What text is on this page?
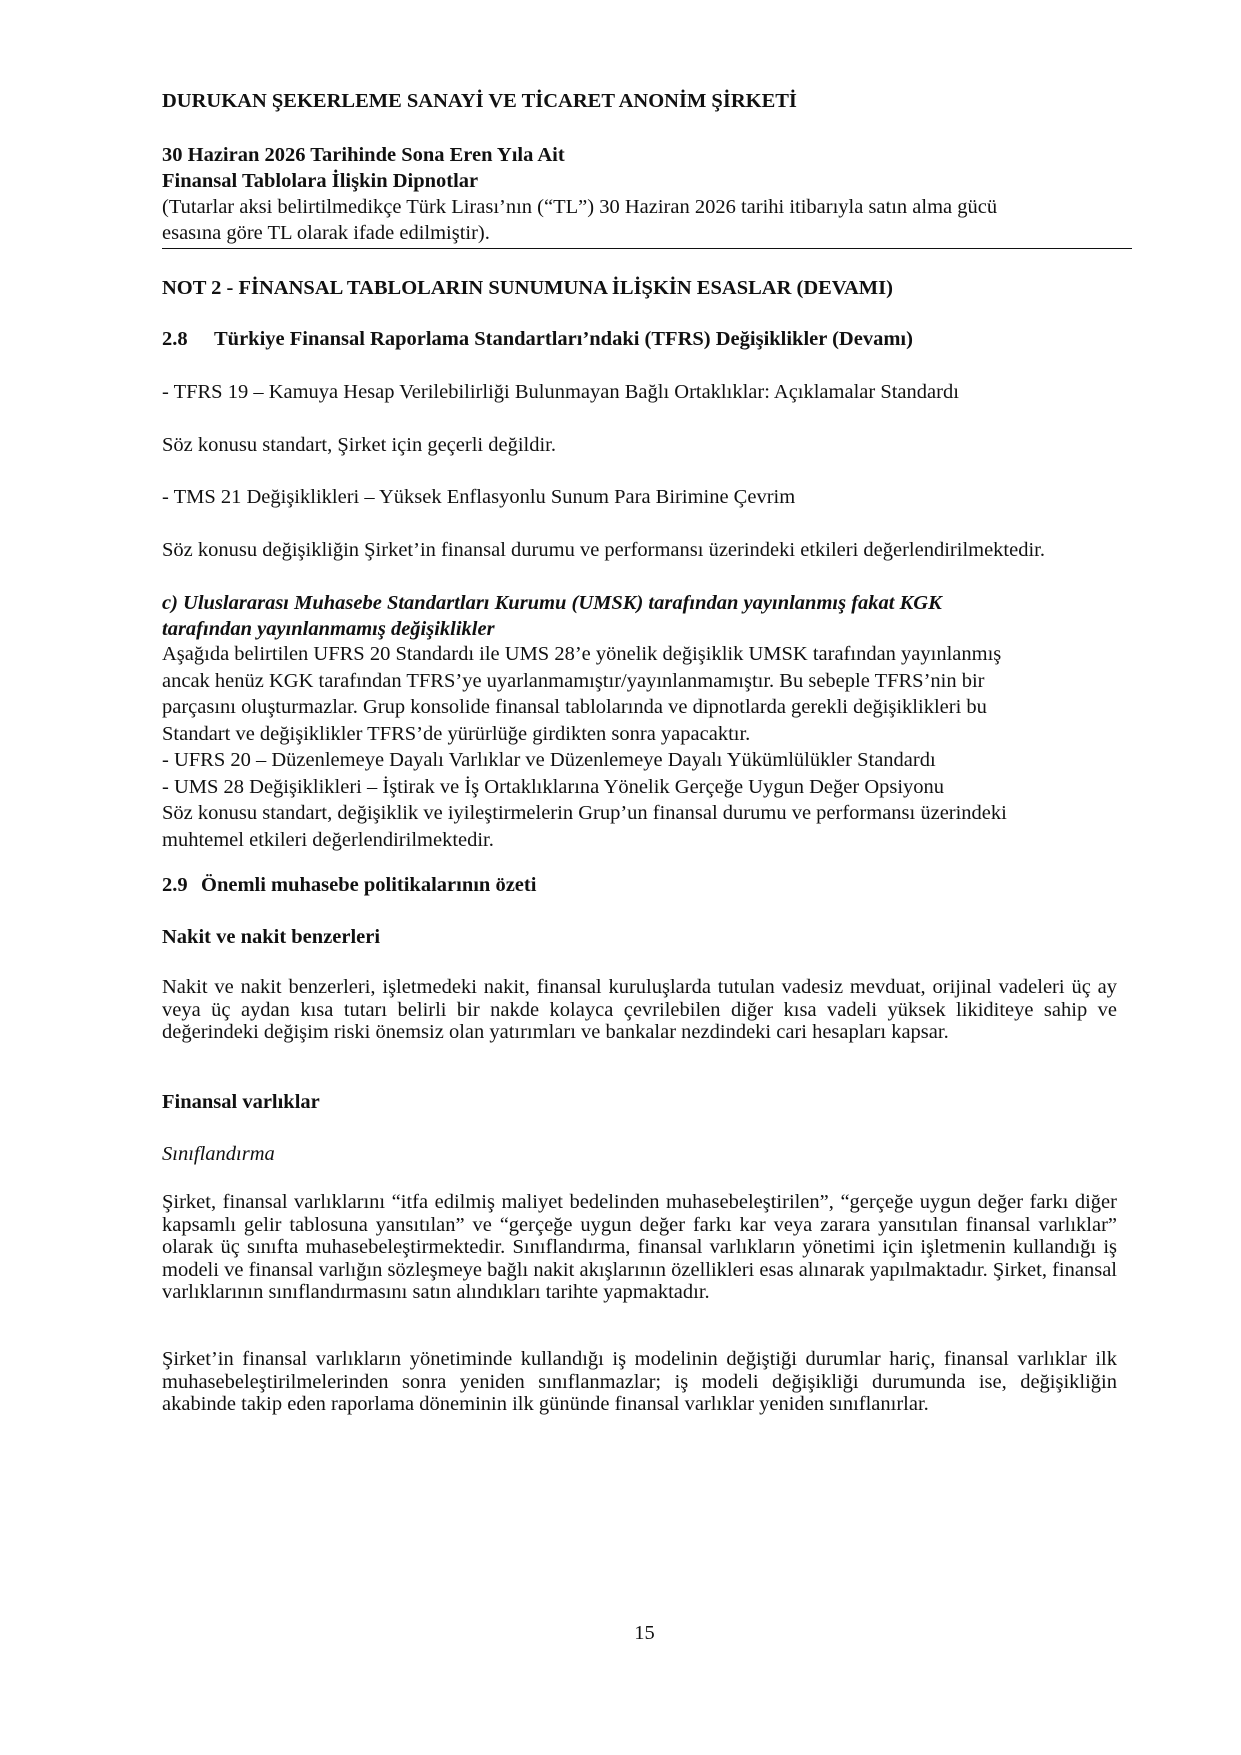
DURUKAN ŞEKERLEME SANAYİ VE TİCARET ANONİM ŞİRKETİ

30 Haziran 2026 Tarihinde Sona Eren Yıla Ait

Finansal Tablolara İlişkin Dipnotlar

(Tutarlar aksi belirtilmedikçe Türk Lirası’nın (“TL”) 30 Haziran 2026 tarihi itibarıyla satın alma gücü

esasına göre TL olarak ifade edilmiştir).

NOT 2 - FİNANSAL TABLOLARIN SUNUMUNA İLİŞKİN ESASLAR (DEVAMI)

2.8 Türkiye Finansal Raporlama Standartları’ndaki (TFRS) Değişiklikler (Devamı)

- TFRS 19 – Kamuya Hesap Verilebilirliği Bulunmayan Bağlı Ortaklıklar: Açıklamalar Standardı

Söz konusu standart, Şirket için geçerli değildir.

- TMS 21 Değişiklikleri – Yüksek Enflasyonlu Sunum Para Birimine Çevrim

Söz konusu değişikliğin Şirket’in finansal durumu ve performansı üzerindeki etkileri değerlendirilmektedir.

c) Uluslararası Muhasebe Standartları Kurumu (UMSK) tarafından yayınlanmış fakat KGK

tarafından yayınlanmamış değişiklikler

Aşağıda belirtilen UFRS 20 Standardı ile UMS 28’e yönelik değişiklik UMSK tarafından yayınlanmış
ancak henüz KGK tarafından TFRS’ye uyarlanmamıştır/yayınlanmamıştır. Bu sebeple TFRS’nin bir
parçasını oluşturmazlar. Grup konsolide finansal tablolarında ve dipnotlarda gerekli değişiklikleri bu
Standart ve değişiklikler TFRS’de yürürlüğe girdikten sonra yapacaktır.
- UFRS 20 – Düzenlemeye Dayalı Varlıklar ve Düzenlemeye Dayalı Yükümlülükler Standardı
- UMS 28 Değişiklikleri – İştirak ve İş Ortaklıklarına Yönelik Gerçeğe Uygun Değer Opsiyonu
Söz konusu standart, değişiklik ve iyileştirmelerin Grup’un finansal durumu ve performansı üzerindeki
muhtemel etkileri değerlendirilmektedir.

2.9 Önemli muhasebe politikalarının özeti

Nakit ve nakit benzerleri

Nakit ve nakit benzerleri, işletmedeki nakit, finansal kuruluşlarda tutulan vadesiz mevduat, orijinal vadeleri üç ay veya üç aydan kısa tutarı belirli bir nakde kolayca çevrilebilen diğer kısa vadeli yüksek likiditeye sahip ve değerindeki değişim riski önemsiz olan yatırımları ve bankalar nezdindeki cari hesapları kapsar.

Finansal varlıklar

Sınıflandırma

Şirket, finansal varlıklarını “itfa edilmiş maliyet bedelinden muhasebeleştirilen”, “gerçeğe uygun değer farkı diğer kapsamlı gelir tablosuna yansıtılan” ve “gerçeğe uygun değer farkı kar veya zarara yansıtılan finansal varlıklar” olarak üç sınıfta muhasebeleştirmektedir. Sınıflandırma, finansal varlıkların yönetimi için işletmenin kullandığı iş modeli ve finansal varlığın sözleşmeye bağlı nakit akışlarının özellikleri esas alınarak yapılmaktadır. Şirket, finansal varlıklarının sınıflandırmasını satın alındıkları tarihte yapmaktadır.

Şirket’in finansal varlıkların yönetiminde kullandığı iş modelinin değiştiği durumlar hariç, finansal varlıklar ilk muhasebeleştirilmelerinden sonra yeniden sınıflanmazlar; iş modeli değişikliği durumunda ise, değişikliğin akabinde takip eden raporlama döneminin ilk gününde finansal varlıklar yeniden sınıflanırlar.

15
